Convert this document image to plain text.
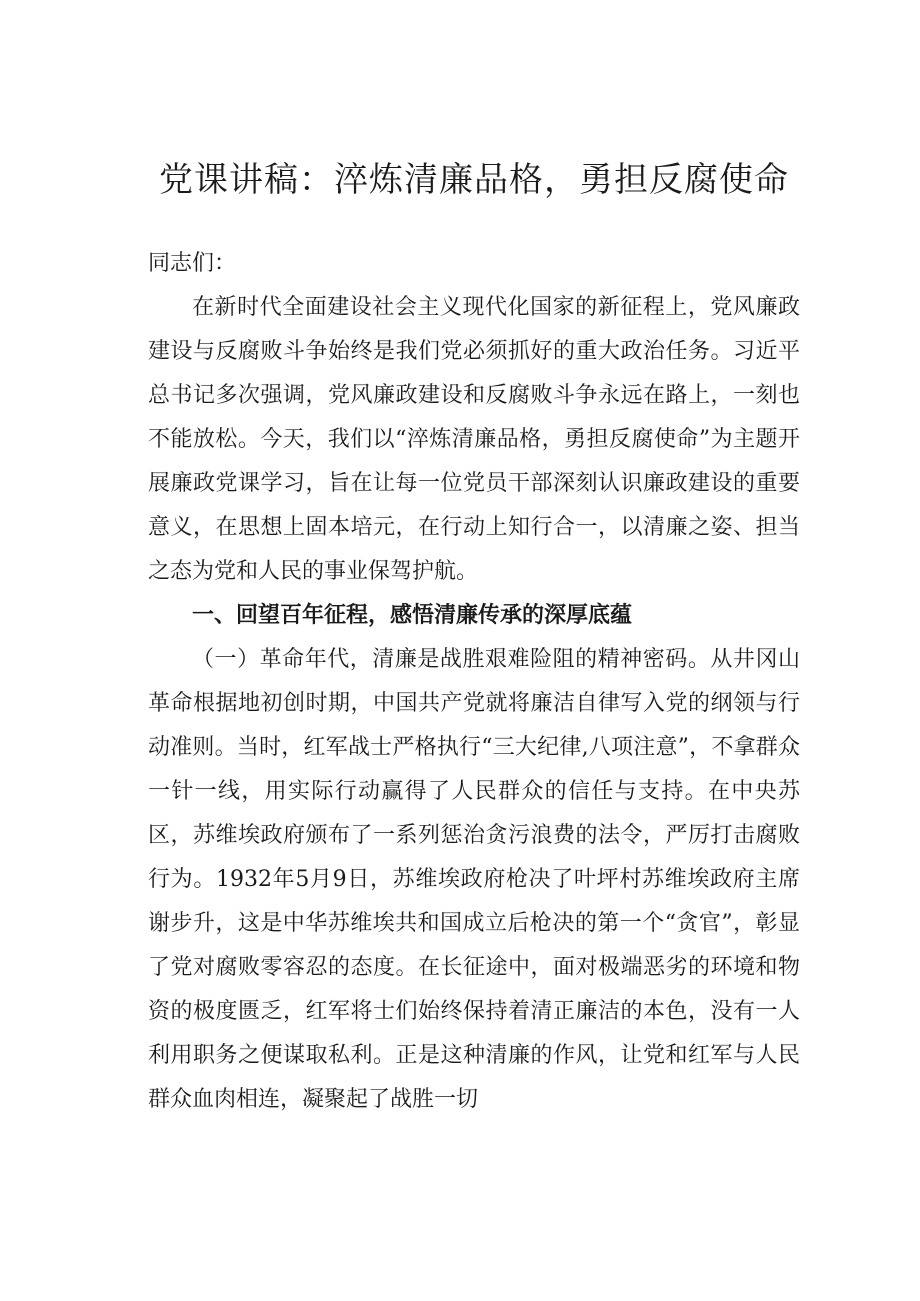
党课讲稿：淬炼清廉品格，勇担反腐使命

同志们：

在新时代全面建设社会主义现代化国家的新征程上，党风廉政建设与反腐败斗争始终是我们党必须抓好的重大政治任务。习近平总书记多次强调，党风廉政建设和反腐败斗争永远在路上，一刻也不能放松。今天，我们以“淬炼清廉品格，勇担反腐使命”为主题开展廉政党课学习，旨在让每一位党员干部深刻认识廉政建设的重要意义，在思想上固本培元，在行动上知行合一，以清廉之姿、担当之态为党和人民的事业保驾护航。

一、回望百年征程，感悟清廉传承的深厚底蕴

（一）革命年代，清廉是战胜艰难险阻的精神密码。从井冈山革命根据地初创时期，中国共产党就将廉洁自律写入党的纲领与行动准则。当时，红军战士严格执行“三大纪律,八项注意”，不拿群众一针一线，用实际行动赢得了人民群众的信任与支持。在中央苏区，苏维埃政府颁布了一系列惩治贪污浪费的法令，严厉打击腐败行为。1932年5月9日，苏维埃政府枪决了叶坪村苏维埃政府主席谢步升，这是中华苏维埃共和国成立后枪决的第一个“贪官”，彰显了党对腐败零容忍的态度。在长征途中，面对极端恶劣的环境和物资的极度匮乏，红军将士们始终保持着清正廉洁的本色，没有一人利用职务之便谋取私利。正是这种清廉的作风，让党和红军与人民群众血肉相连，凝聚起了战胜一切
